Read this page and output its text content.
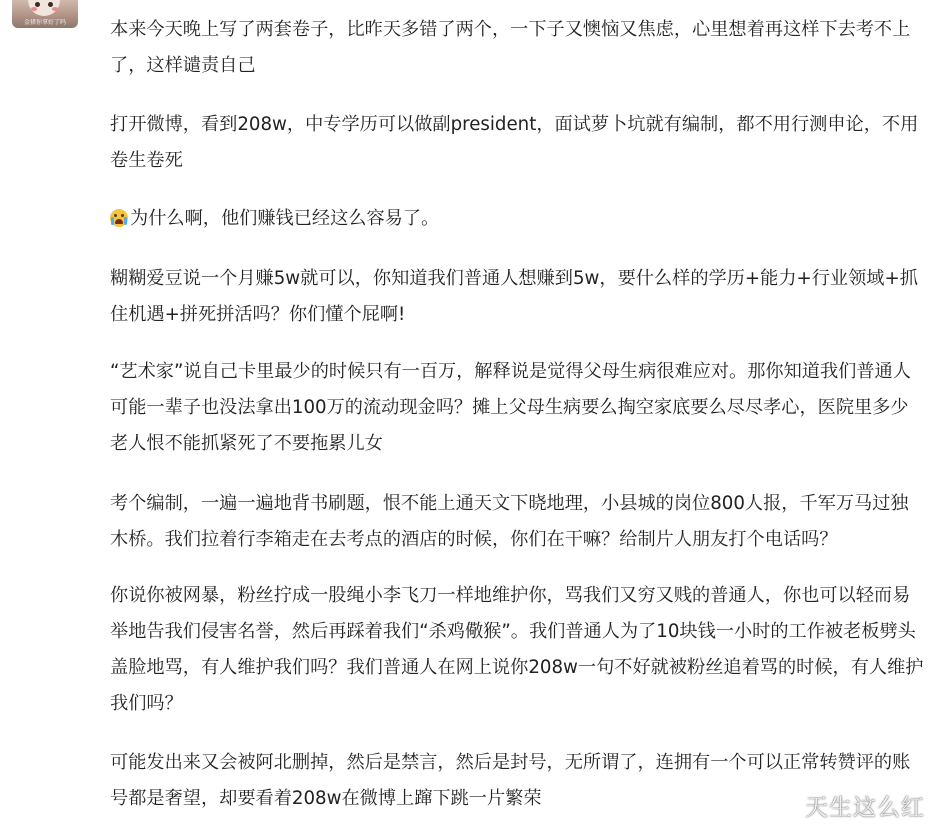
金猪你拿好了吗	本来今天晚上写了两套卷子，比昨天多错了两个，一下子又懊恼又焦虑，心里想着再这样下去考不上了，这样谴责自己

打开微博，看到208w，中专学历可以做副president，面试萝卜坑就有编制，都不用行测申论，不用卷生卷死

为什么啊，他们赚钱已经这么容易了。

糊糊爱豆说一个月赚5w就可以，你知道我们普通人想赚到5w，要什么样的学历+能力+行业领域+抓住机遇+拼死拼活吗？你们懂个屁啊!

“艺术家”说自己卡里最少的时候只有一百万，解释说是觉得父母生病很难应对。那你知道我们普通人可能一辈子也没法拿出100万的流动现金吗？摊上父母生病要么掏空家底要么尽尽孝心，医院里多少老人恨不能抓紧死了不要拖累儿女

考个编制，一遍一遍地背书刷题，恨不能上通天文下晓地理，小县城的岗位800人报，千军万马过独木桥。我们拉着行李箱走在去考点的酒店的时候，你们在干嘛？给制片人朋友打个电话吗？

你说你被网暴，粉丝拧成一股绳小李飞刀一样地维护你，骂我们又穷又贱的普通人，你也可以轻而易举地告我们侵害名誉，然后再踩着我们“杀鸡儆猴”。我们普通人为了10块钱一小时的工作被老板劈头盖脸地骂，有人维护我们吗？我们普通人在网上说你208w一句不好就被粉丝追着骂的时候，有人维护我们吗？

可能发出来又会被阿北删掉，然后是禁言，然后是封号，无所谓了，连拥有一个可以正常转赞评的账号都是奢望，却要看着208w在微博上蹿下跳一片繁荣	天生这么红
